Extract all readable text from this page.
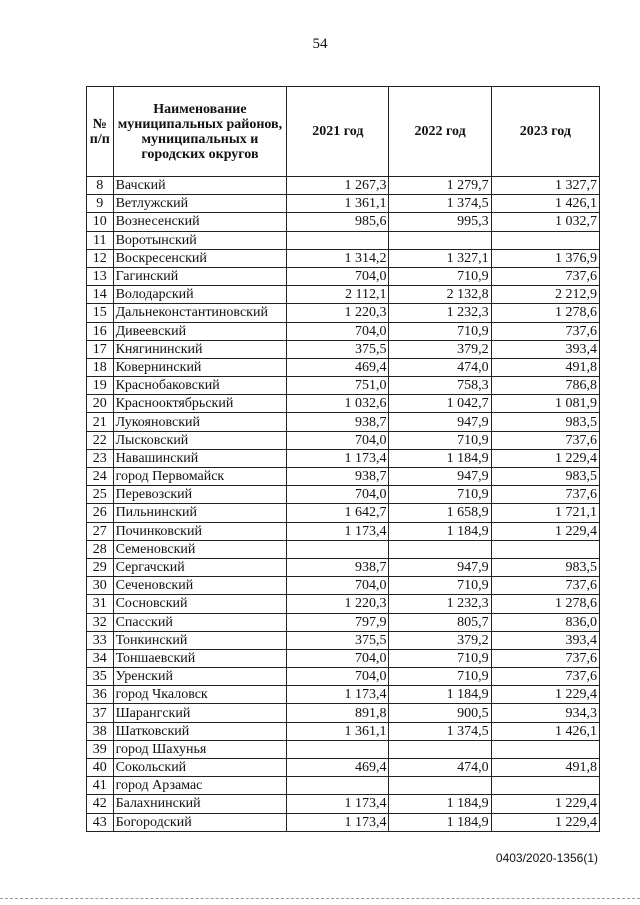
54
№ п/п	Наименование муниципальных районов, муниципальных и городских округов	2021 год	2022 год	2023 год
8	Вачский	1 267,3	1 279,7	1 327,7
9	Ветлужский	1 361,1	1 374,5	1 426,1
10	Вознесенский	985,6	995,3	1 032,7
11	Воротынский			
12	Воскресенский	1 314,2	1 327,1	1 376,9
13	Гагинский	704,0	710,9	737,6
14	Володарский	2 112,1	2 132,8	2 212,9
15	Дальнеконстантиновский	1 220,3	1 232,3	1 278,6
16	Дивеевский	704,0	710,9	737,6
17	Княгининский	375,5	379,2	393,4
18	Ковернинский	469,4	474,0	491,8
19	Краснобаковский	751,0	758,3	786,8
20	Краснооктябрьский	1 032,6	1 042,7	1 081,9
21	Лукояновский	938,7	947,9	983,5
22	Лысковский	704,0	710,9	737,6
23	Навашинский	1 173,4	1 184,9	1 229,4
24	город Первомайск	938,7	947,9	983,5
25	Перевозский	704,0	710,9	737,6
26	Пильнинский	1 642,7	1 658,9	1 721,1
27	Починковский	1 173,4	1 184,9	1 229,4
28	Семеновский			
29	Сергачский	938,7	947,9	983,5
30	Сеченовский	704,0	710,9	737,6
31	Сосновский	1 220,3	1 232,3	1 278,6
32	Спасский	797,9	805,7	836,0
33	Тонкинский	375,5	379,2	393,4
34	Тоншаевский	704,0	710,9	737,6
35	Уренский	704,0	710,9	737,6
36	город Чкаловск	1 173,4	1 184,9	1 229,4
37	Шарангский	891,8	900,5	934,3
38	Шатковский	1 361,1	1 374,5	1 426,1
39	город Шахунья			
40	Сокольский	469,4	474,0	491,8
41	город Арзамас			
42	Балахнинский	1 173,4	1 184,9	1 229,4
43	Богородский	1 173,4	1 184,9	1 229,4
0403/2020-1356(1)
